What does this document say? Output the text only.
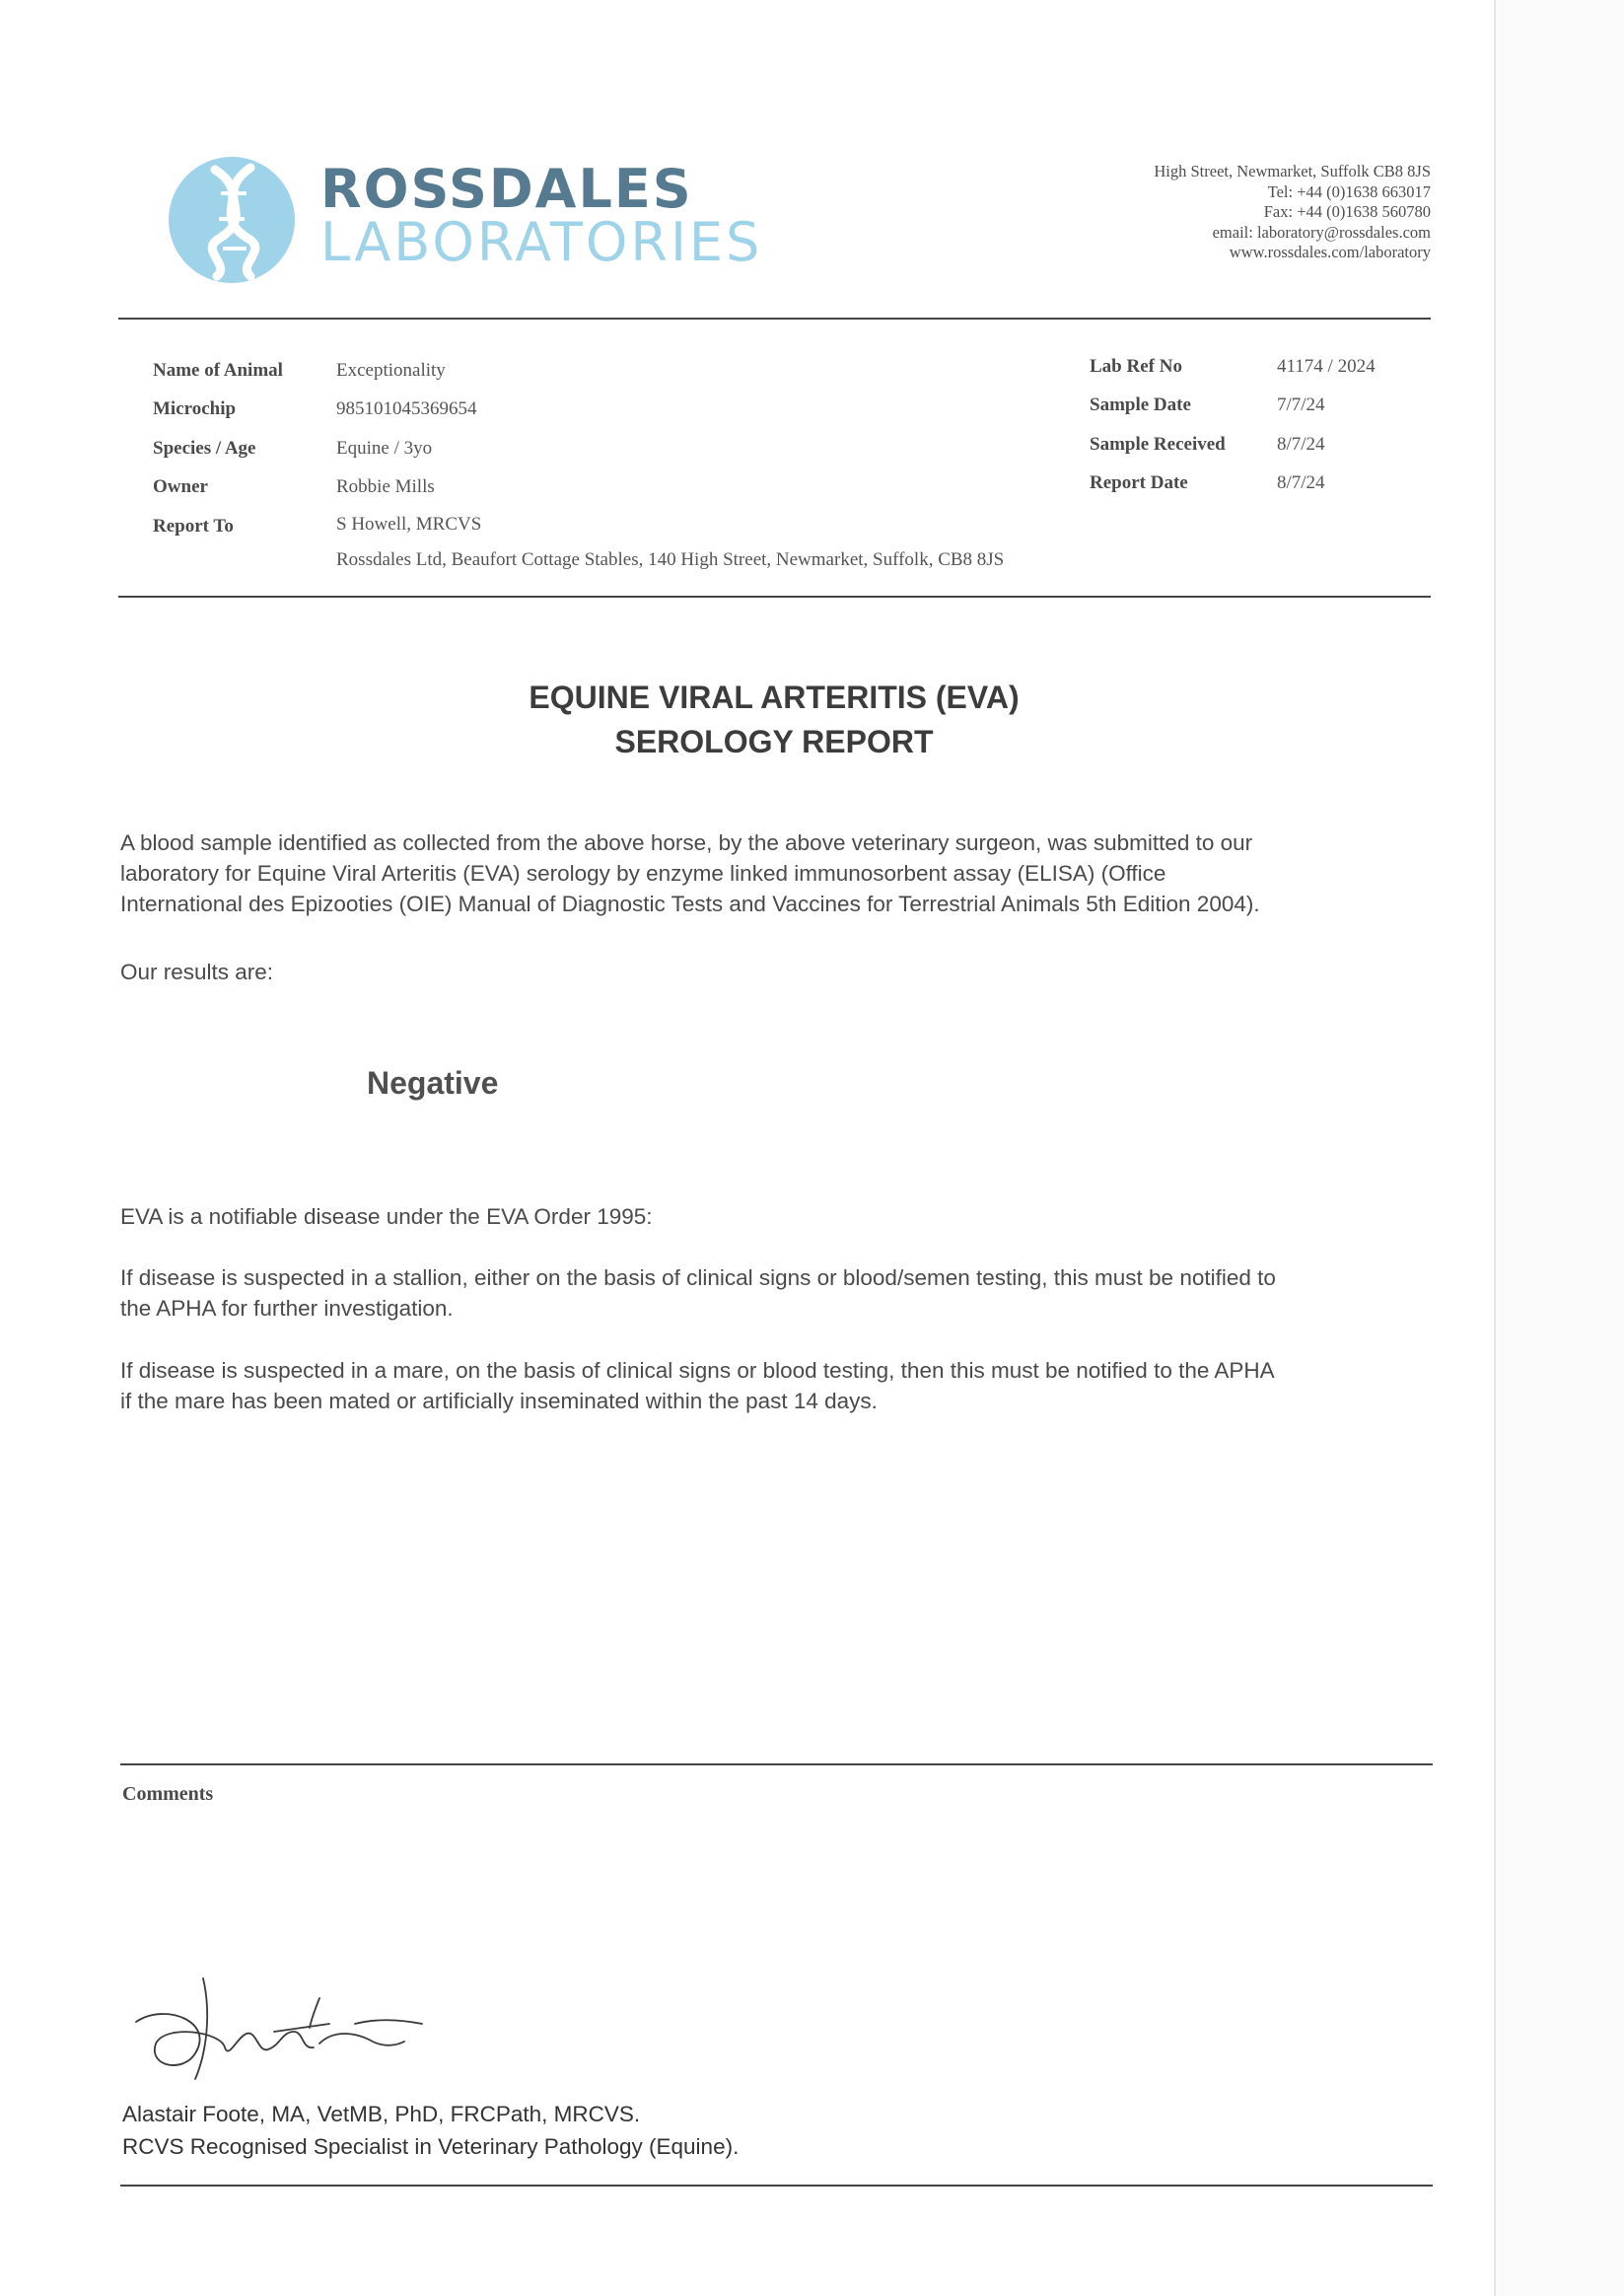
ROSSDALES
LABORATORIES
High Street, Newmarket, Suffolk CB8 8JS
Tel: +44 (0)1638 663017
Fax: +44 (0)1638 560780
email: laboratory@rossdales.com
www.rossdales.com/laboratory
Name of Animal	Exceptionality
Microchip	985101045369654
Species / Age	Equine / 3yo
Owner	Robbie Mills
Report To	S Howell, MRCVS
Rossdales Ltd, Beaufort Cottage Stables, 140 High Street, Newmarket, Suffolk, CB8 8JS
Lab Ref No	41174 / 2024
Sample Date	7/7/24
Sample Received	8/7/24
Report Date	8/7/24
EQUINE VIRAL ARTERITIS (EVA)
SEROLOGY REPORT
A blood sample identified as collected from the above horse, by the above veterinary surgeon, was submitted to our
laboratory for Equine Viral Arteritis (EVA) serology by enzyme linked immunosorbent assay (ELISA) (Office
International des Epizooties (OIE) Manual of Diagnostic Tests and Vaccines for Terrestrial Animals 5th Edition 2004).
Our results are:
Negative
EVA is a notifiable disease under the EVA Order 1995:
If disease is suspected in a stallion, either on the basis of clinical signs or blood/semen testing, this must be notified to
the APHA for further investigation.
If disease is suspected in a mare, on the basis of clinical signs or blood testing, then this must be notified to the APHA
if the mare has been mated or artificially inseminated within the past 14 days.
Comments
Alastair Foote, MA, VetMB, PhD, FRCPath, MRCVS.
RCVS Recognised Specialist in Veterinary Pathology (Equine).
